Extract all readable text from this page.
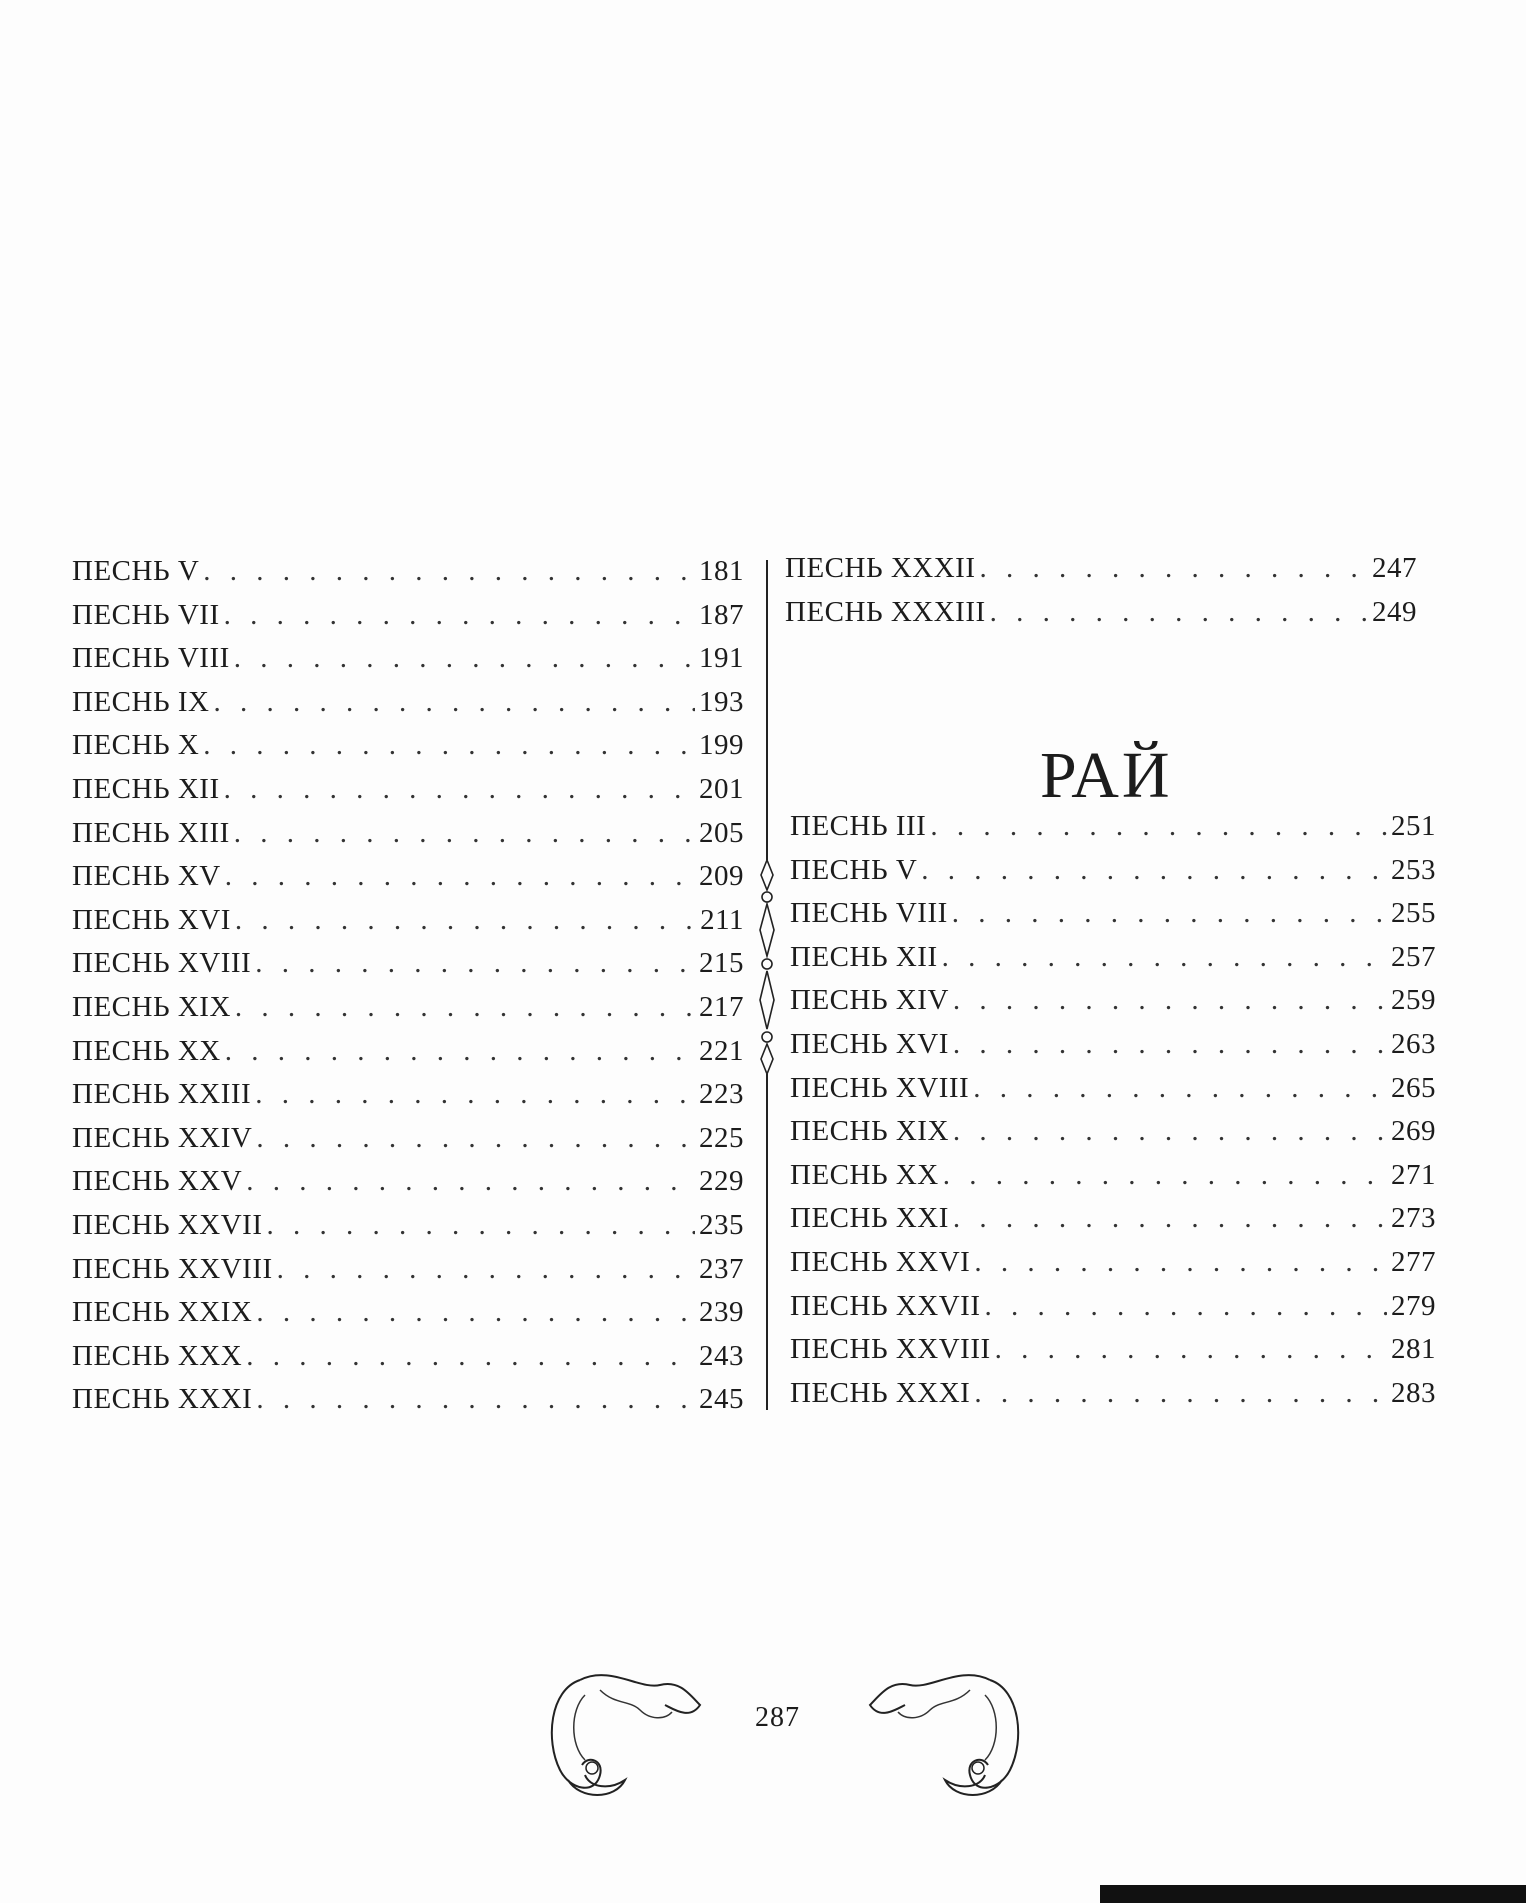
ПЕСНЬ V . . .	181
ПЕСНЬ VII . . .	187
ПЕСНЬ VIII . . .	191
ПЕСНЬ IX . . .	193
ПЕСНЬ X . . .	199
ПЕСНЬ XII . . .	201
ПЕСНЬ XIII . . .	205
ПЕСНЬ XV . . .	209
ПЕСНЬ XVI . . .	211
ПЕСНЬ XVIII . . .	215
ПЕСНЬ XIX . . .	217
ПЕСНЬ XX . . .	221
ПЕСНЬ XXIII . . .	223
ПЕСНЬ XXIV . . .	225
ПЕСНЬ XXV . . .	229
ПЕСНЬ XXVII . . .	235
ПЕСНЬ XXVIII . . .	237
ПЕСНЬ XXIX . . .	239
ПЕСНЬ XXX . . .	243
ПЕСНЬ XXXI . . .	245
ПЕСНЬ XXXII . . .	247
ПЕСНЬ XXXIII . . .	249
РАЙ
ПЕСНЬ III . . .	251
ПЕСНЬ V . . .	253
ПЕСНЬ VIII . . .	255
ПЕСНЬ XII . . .	257
ПЕСНЬ XIV . . .	259
ПЕСНЬ XVI . . .	263
ПЕСНЬ XVIII . . .	265
ПЕСНЬ XIX . . .	269
ПЕСНЬ XX . . .	271
ПЕСНЬ XXI . . .	273
ПЕСНЬ XXVI . . .	277
ПЕСНЬ XXVII . . .	279
ПЕСНЬ XXVIII . . .	281
ПЕСНЬ XXXI . . .	283
287
